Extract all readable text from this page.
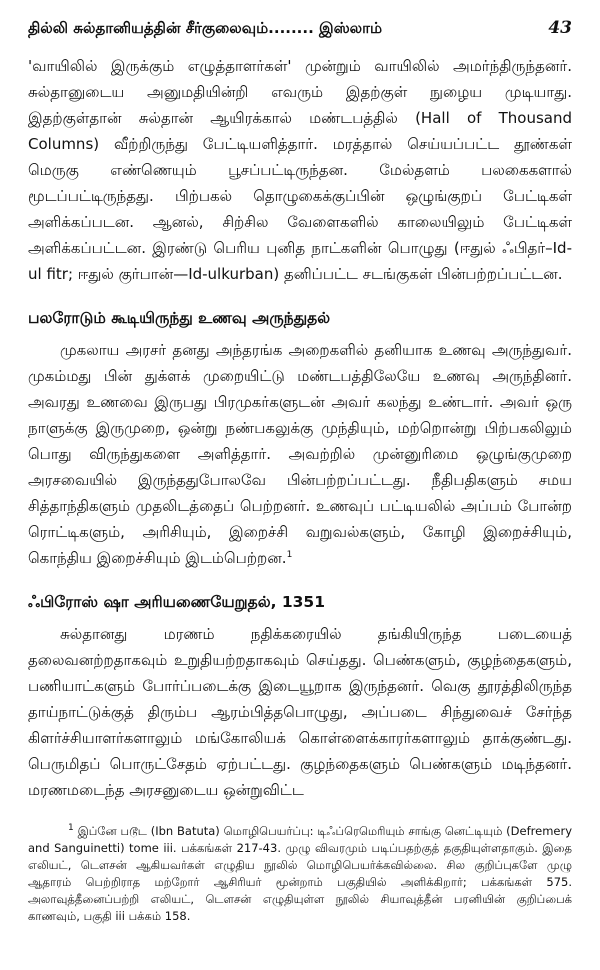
தில்லி சுல்தானியத்தின் சீர்குலைவும்........ இஸ்லாம்	43

'வாயிலில் இருக்கும் எழுத்தாளர்கள்' முன்றும் வாயிலில் அமர்ந்திருந்தனர். சுல்தானுடைய அனுமதியின்றி எவரும் இதற்குள் நுழைய முடியாது. இதற்குள்தான் சுல்தான் ஆயிரக்கால் மண்டபத்தில் (Hall of Thousand Columns) வீற்றிருந்து பேட்டியளித்தார். மரத்தால் செய்யப்பட்ட தூண்கள் மெருகு எண்ணெயும் பூசப்பட்டிருந்தன. மேல்தளம் பலகைகளால் மூடப்பட்டிருந்தது. பிற்பகல் தொழுகைக்குப்பின் ஒழுங்குறப் பேட்டிகள் அளிக்கப்படன. ஆனல், சிற்சில வேளைகளில் காலையிலும் பேட்டிகள் அளிக்கப்பட்டன. இரண்டு பெரிய புனித நாட்களின் பொழுது (ஈதுல் ஃபிதர்–Id-ul fitr; ஈதுல் குர்பான்—Id-ulkurban) தனிப்பட்ட சடங்குகள் பின்பற்றப்பட்டன.

பலரோடும் கூடியிருந்து உணவு அருந்துதல்

முகலாய அரசர் தனது அந்தரங்க அறைகளில் தனியாக உணவு அருந்துவர். முகம்மது பின் துக்ளக் முறையிட்டு மண்டபத்திலேயே உணவு அருந்தினர். அவரது உணவை இருபது பிரமுகர்களுடன் அவர் கலந்து உண்டார். அவர் ஒரு நாளுக்கு இருமுறை, ஒன்று நண்பகலுக்கு முந்தியும், மற்றொன்று பிற்பகலிலும் பொது விருந்துகளை அளித்தார். அவற்றில் முன்னுரிமை ஒழுங்குமுறை அரசவையில் இருந்ததுபோலவே பின்பற்றப்பட்டது. நீதிபதிகளும் சமய சித்தாந்திகளும் முதலிடத்தைப் பெற்றனர். உணவுப் பட்டியலில் அப்பம் போன்ற ரொட்டிகளும், அரிசியும், இறைச்சி வறுவல்களும், கோழி இறைச்சியும், கொந்திய இறைச்சியும் இடம்பெற்றன.$^1$

ஃபிரோஸ் ஷா அரியணையேறுதல், 1351

சுல்தானது மரணம் நதிக்கரையில் தங்கியிருந்த படையைத் தலைவனற்றதாகவும் உறுதியற்றதாகவும் செய்தது. பெண்களும், குழந்தைகளும், பணியாட்களும் போர்ப்படைக்கு இடையூறாக இருந்தனர். வெகு தூரத்திலிருந்த தாய்நாட்டுக்குத் திரும்ப ஆரம்பித்தபொழுது, அப்படை சிந்துவைச் சேர்ந்த கிளர்ச்சியாளர்களாலும் மங்கோலியக் கொள்ளைக்காரர்களாலும் தாக்குண்டது. பெருமிதப் பொருட்சேதம் ஏற்பட்டது. குழந்தைகளும் பெண்களும் மடிந்தனர். மரணமடைந்த அரசனுடைய ஒன்றுவிட்ட

$^1$ இப்னே படூட (Ibn Batuta) மொழிபெயர்ப்பு: டிஃப்ரெமெரியும் சாங்கு னெட்டியும் (Defremery and Sanguinetti) tome iii. பக்கங்கள் 217-43. முழு விவரமும் படிப்பதற்குத் தகுதியுள்ளதாகும். இதை எலியட், டௌசன் ஆகியவர்கள் எழுதிய நூலில் மொழிபெயர்க்கவில்லை. சில குறிப்புகளே முழு ஆதாரம் பெற்றிராத மற்றோர் ஆசிரியர் மூன்றாம் பகுதியில் அளிக்கிறார்; பக்கங்கள் 575. அலாவுத்தீனைப்பற்றி எலியட், டௌசன் எழுதியுள்ள நூலில் சியாவுத்தீன் பரனியின் குறிப்பைக் காணவும், பகுதி iii பக்கம் 158.
